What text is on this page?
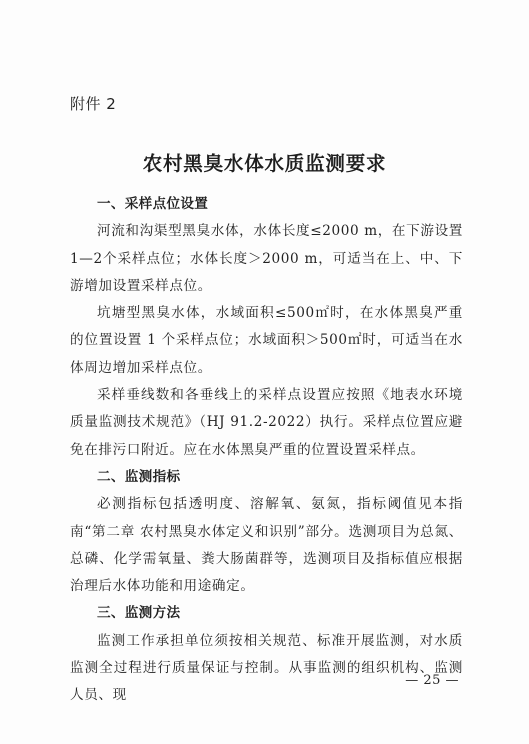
附件 2
农村黑臭水体水质监测要求

一、采样点位设置

河流和沟渠型黑臭水体，水体长度≤2000 m，在下游设置 1—2个采样点位；水体长度＞2000 m，可适当在上、中、下游增加设置采样点位。

坑塘型黑臭水体，水域面积≤500㎡时，在水体黑臭严重的位置设置 1 个采样点位；水域面积＞500㎡时，可适当在水体周边增加采样点位。

采样垂线数和各垂线上的采样点设置应按照《地表水环境质量监测技术规范》（HJ 91.2-2022）执行。采样点位置应避免在排污口附近。应在水体黑臭严重的位置设置采样点。

二、监测指标

必测指标包括透明度、溶解氧、氨氮，指标阈值见本指南“第二章 农村黑臭水体定义和识别”部分。选测项目为总氮、总磷、化学需氧量、粪大肠菌群等，选测项目及指标值应根据治理后水体功能和用途确定。

三、监测方法

监测工作承担单位须按相关规范、标准开展监测，对水质监测全过程进行质量保证与控制。从事监测的组织机构、监测人员、现

— 25 —
